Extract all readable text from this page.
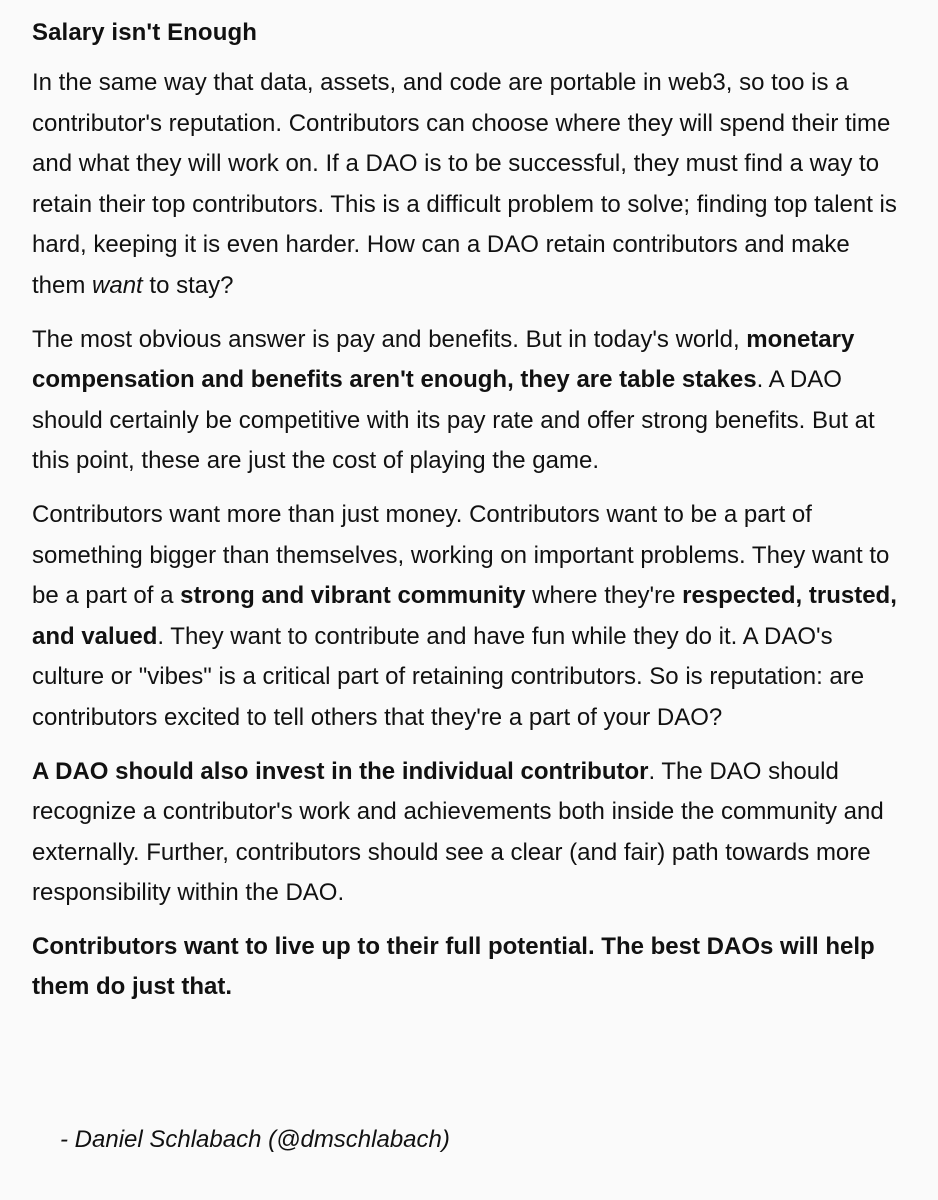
Salary isn't Enough

In the same way that data, assets, and code are portable in web3, so too is a contributor's reputation. Contributors can choose where they will spend their time and what they will work on. If a DAO is to be successful, they must find a way to retain their top contributors. This is a difficult problem to solve; finding top talent is hard, keeping it is even harder. How can a DAO retain contributors and make them want to stay?

The most obvious answer is pay and benefits. But in today's world, monetary compensation and benefits aren't enough, they are table stakes. A DAO should certainly be competitive with its pay rate and offer strong benefits. But at this point, these are just the cost of playing the game.

Contributors want more than just money. Contributors want to be a part of something bigger than themselves, working on important problems. They want to be a part of a strong and vibrant community where they're respected, trusted, and valued. They want to contribute and have fun while they do it. A DAO's culture or "vibes" is a critical part of retaining contributors. So is reputation: are contributors excited to tell others that they're a part of your DAO?

A DAO should also invest in the individual contributor. The DAO should recognize a contributor's work and achievements both inside the community and externally. Further, contributors should see a clear (and fair) path towards more responsibility within the DAO.

Contributors want to live up to their full potential. The best DAOs will help them do just that.

- Daniel Schlabach (@dmschlabach)
